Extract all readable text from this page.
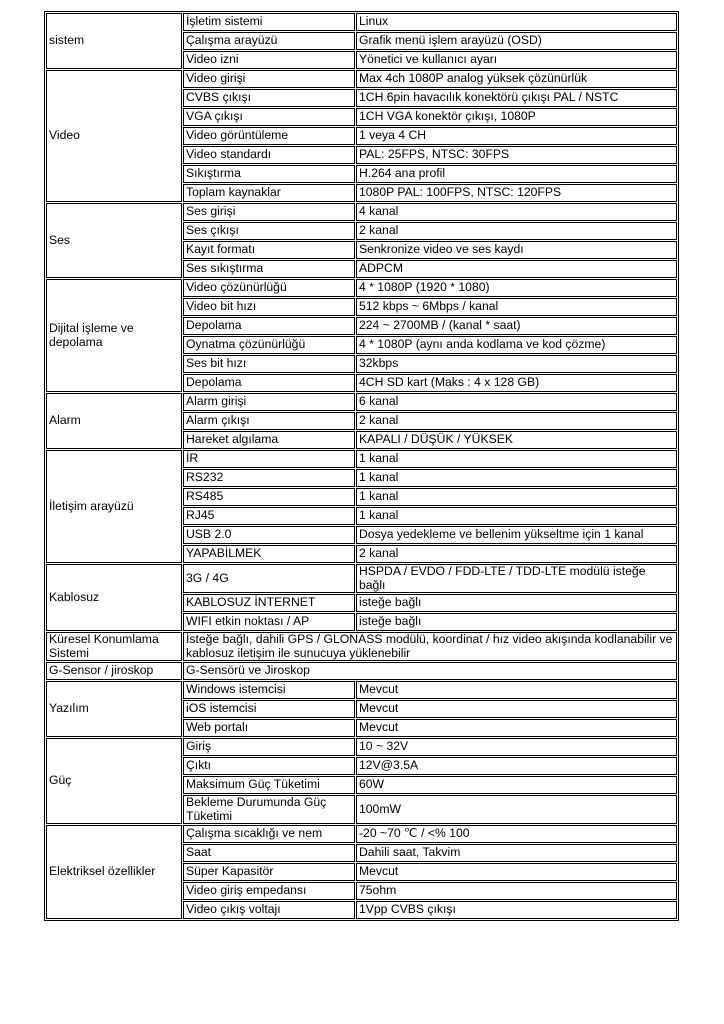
sistem	İşletim sistemi	Linux
	Çalışma arayüzü	Grafik menü işlem arayüzü (OSD)
	Video izni	Yönetici ve kullanıcı ayarı
Video	Video girişi	Max 4ch 1080P analog yüksek çözünürlük
	CVBS çıkışı	1CH 6pin havacılık konektörü çıkışı PAL / NSTC
	VGA çıkışı	1CH VGA konektör çıkışı, 1080P
	Video görüntüleme	1 veya 4 CH
	Video standardı	PAL: 25FPS, NTSC: 30FPS
	Sıkıştırma	H.264 ana profil
	Toplam kaynaklar	1080P PAL: 100FPS, NTSC: 120FPS
Ses	Ses girişi	4 kanal
	Ses çıkışı	2 kanal
	Kayıt formatı	Senkronize video ve ses kaydı
	Ses sıkıştırma	ADPCM
Dijital işleme ve depolama	Video çözünürlüğü	4 * 1080P (1920 * 1080)
	Video bit hızı	512 kbps ~ 6Mbps / kanal
	Depolama	224 ~ 2700MB / (kanal * saat)
	Oynatma çözünürlüğü	4 * 1080P (aynı anda kodlama ve kod çözme)
	Ses bit hızı	32kbps
	Depolama	4CH SD kart (Maks : 4 x 128 GB)
Alarm	Alarm girişi	6 kanal
	Alarm çıkışı	2 kanal
	Hareket algılama	KAPALI / DÜŞÜK / YÜKSEK
İletişim arayüzü	İR	1 kanal
	RS232	1 kanal
	RS485	1 kanal
	RJ45	1 kanal
	USB 2.0	Dosya yedekleme ve bellenim yükseltme için 1 kanal
	YAPABİLMEK	2 kanal
Kablosuz	3G / 4G	HSPDA / EVDO / FDD-LTE / TDD-LTE modülü isteğe bağlı
	KABLOSUZ İNTERNET	isteğe bağlı
	WIFI etkin noktası / AP	isteğe bağlı
Küresel Konumlama Sistemi	İsteğe bağlı, dahili GPS / GLONASS modülü, koordinat / hız video akışında kodlanabilir ve kablosuz iletişim ile sunucuya yüklenebilir	
G-Sensor / jiroskop	G-Sensörü ve Jiroskop	
Yazılım	Windows istemcisi	Mevcut
	iOS istemcisi	Mevcut
	Web portalı	Mevcut
Güç	Giriş	10 ~ 32V
	Çıktı	12V@3.5A
	Maksimum Güç Tüketimi	60W
	Bekleme Durumunda Güç Tüketimi	100mW
Elektriksel özellikler	Çalışma sıcaklığı ve nem	-20 ~70 ℃ / <% 100
	Saat	Dahili saat, Takvim
	Süper Kapasitör	Mevcut
	Video giriş empedansı	75ohm
	Video çıkış voltajı	1Vpp CVBS çıkışı
